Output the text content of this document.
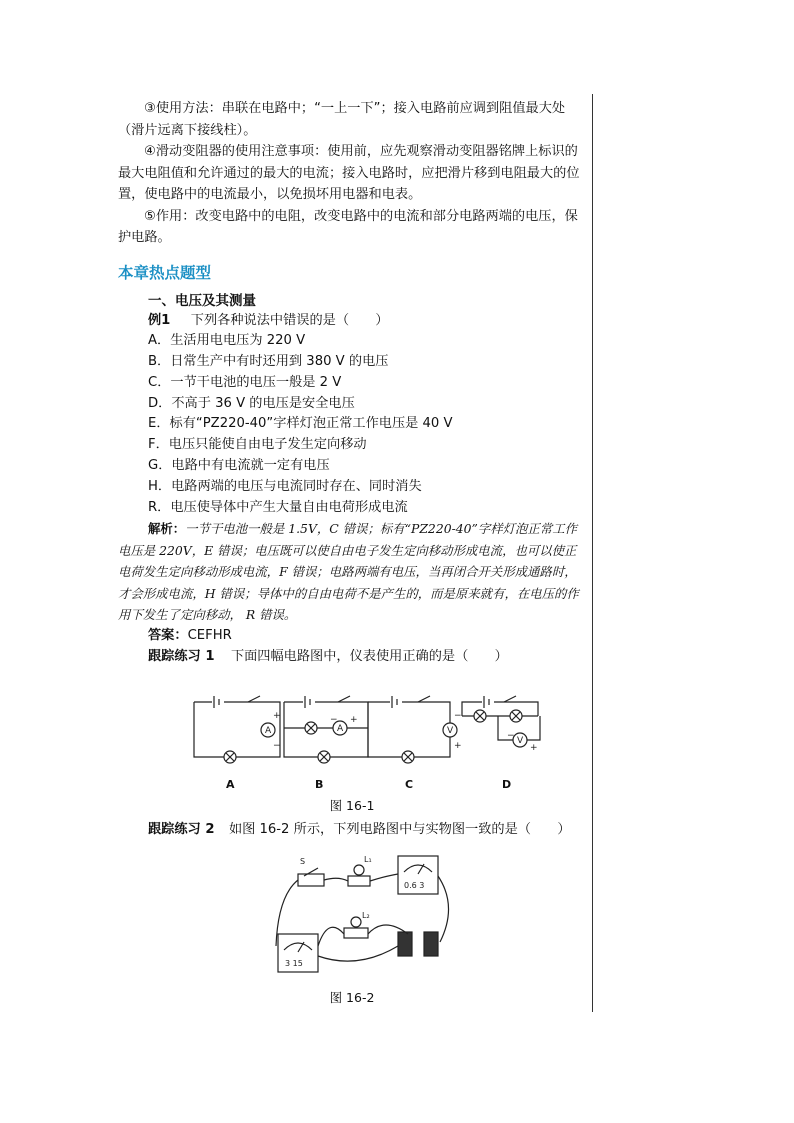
③使用方法：串联在电路中；“一上一下”；接入电路前应调到阻值最大处（滑片远离下接线柱）。

④滑动变阻器的使用注意事项：使用前，应先观察滑动变阻器铭牌上标识的最大电阻值和允许通过的最大的电流；接入电路时，应把滑片移到电阻最大的位置，使电路中的电流最小，以免损坏用电器和电表。

⑤作用：改变电路中的电阻，改变电路中的电流和部分电路两端的电压，保护电路。

本章热点题型
一、电压及其测量
例1 下列各种说法中错误的是（　　）
A．生活用电电压为 220 V
B．日常生产中有时还用到 380 V 的电压
C．一节干电池的电压一般是 2 V
D．不高于 36 V 的电压是安全电压
E．标有“PZ220-40”字样灯泡正常工作电压是 40 V
F．电压只能使自由电子发生定向移动
G．电路中有电流就一定有电压
H．电路两端的电压与电流同时存在、同时消失
R．电压使导体中产生大量自由电荷形成电流

解析：一节干电池一般是 1.5V，C 错误；标有“PZ220-40”字样灯泡正常工作电压是 220V，E 错误；电压既可以使自由电子发生定向移动形成电流，也可以使正电荷发生定向移动形成电流，F 错误；电路两端有电压，当再闭合开关形成通路时，才会形成电流，H 错误；导体中的自由电荷不是产生的，而是原来就有，在电压的作用下发生了定向移动， R 错误。

答案：CEFHR
跟踪练习 1 下面四幅电路图中，仪表使用正确的是（　　）
A	A	V
V
+
−
− +	−
+
−
+
A	B	C	D
图 16-1
跟踪练习 2 如图 16-2 所示，下列电路图中与实物图一致的是（　　）
S	L₁
L₂
0.6 3
3 15
图 16-2
